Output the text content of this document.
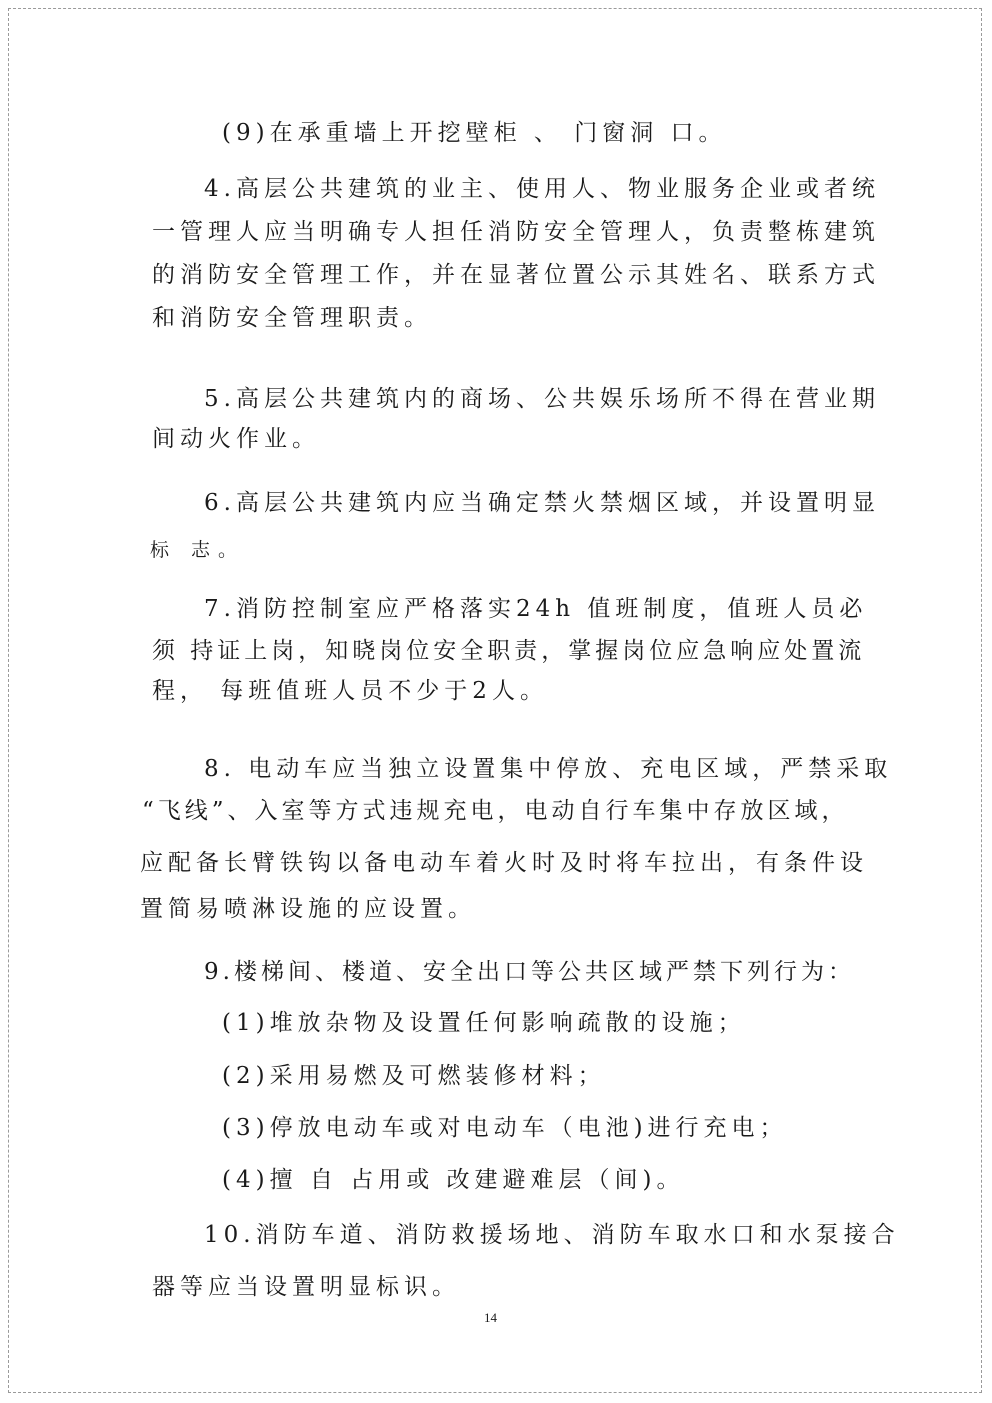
(9)在承重墙上开挖壁柜 、 门窗洞 口。
4.高层公共建筑的业主、使用人、物业服务企业或者统
一管理人应当明确专人担任消防安全管理人，负责整栋建筑
的消防安全管理工作，并在显著位置公示其姓名、联系方式
和消防安全管理职责。
5.高层公共建筑内的商场、公共娱乐场所不得在营业期
间动火作业。
6.高层公共建筑内应当确定禁火禁烟区域，并设置明显
标 志。
7.消防控制室应严格落实24h 值班制度，值班人员必
须 持证上岗，知晓岗位安全职责，掌握岗位应急响应处置流
程， 每班值班人员不少于2人。
8. 电动车应当独立设置集中停放、充电区域，严禁采取
“飞线”、入室等方式违规充电，电动自行车集中存放区域，
应配备长臂铁钩以备电动车着火时及时将车拉出，有条件设
置简易喷淋设施的应设置。
9.楼梯间、楼道、安全出口等公共区域严禁下列行为：
(1)堆放杂物及设置任何影响疏散的设施；
(2)采用易燃及可燃装修材料；
(3)停放电动车或对电动车（电池)进行充电；
(4)擅 自 占用或 改建避难层（间)。
10.消防车道、消防救援场地、消防车取水口和水泵接合
器等应当设置明显标识。
14
